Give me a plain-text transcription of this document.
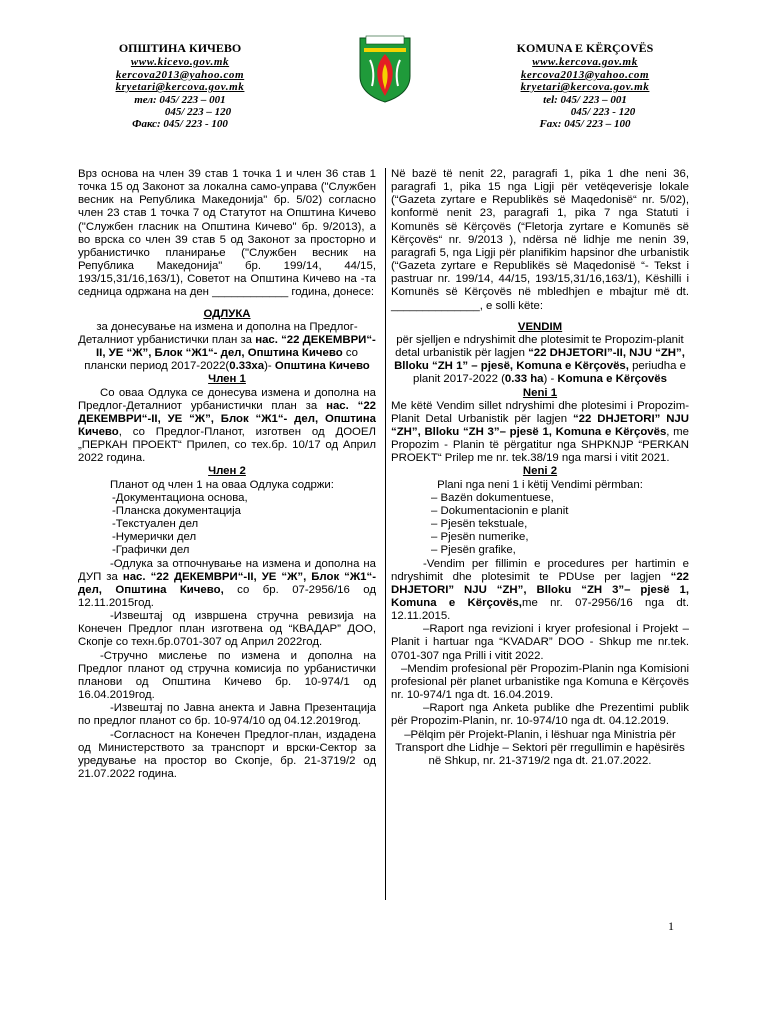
ОПШТИНА КИЧЕВО
www.kicevo.gov.mk
kercova2013@yahoo.com
kryetari@kercova.gov.mk
тел: 045/ 223 – 001
045/ 223 – 120
Факс: 045/ 223 - 100
KOMUNA E KËRÇOVËS
www.kercova.gov.mk
kercova2013@yahoo.com
kryetari@kercova.gov.mk
tel: 045/ 223 – 001
045/ 223 - 120
Fax: 045/ 223 – 100

Врз основа на член 39 став 1 точка 1 и член 36 став 1 точка 15 од Законот за локална само-управа ("Службен весник на Република Македонија" бр. 5/02) согласно член 23 став 1 точка 7 од Статутот на Општина Кичево ("Службен гласник на Општина Кичево" бр. 9/2013), а во врска со член 39 став 5 од Законот за просторно и урбанистичко планирање ("Службен весник на Република Македонија" бр. 199/14, 44/15, 193/15,31/16,163/1), Советот на Општина Кичево на -та седница одржана на ден ____________ година, донесе:

ОДЛУКА

за донесување на измена и дополна на Предлог-Деталниот урбанистички план за нас. “22 ДЕКЕМВРИ“-II, УЕ “Ж”, Блок “Ж1“- дел, Општина Кичево со плански период 2017-2022(0.33ха)- Општина Кичево

Член 1

Со оваа Одлука се донесува измена и дополна на Предлог-Деталниот урбанистички план за нас. “22 ДЕКЕМВРИ“-II, УЕ “Ж”, Блок “Ж1“- дел, Општина Кичево, со Предлог-Планот, изготвен од ДООЕЛ „ПЕРКАН ПРОЕКТ“ Прилеп, со тех.бр. 10/17 од Април 2022 година.

Член 2

Планот од член 1 на оваа Одлука содржи:

-Документациона основа,

-Планска документација

-Текстуален дел

-Нумерички дел

-Графички дел

-Одлука за отпочнување на измена и дополна на ДУП за нас. “22 ДЕКЕМВРИ“-II, УЕ “Ж”, Блок “Ж1“- дел, Општина Кичево, со бр. 07-2956/16 од 12.11.2015год.

-Извештај од извршена стручна ревизија на Конечен Предлог план изготвена од “КВАДАР” ДОО, Скопје со техн.бр.0701-307 од Април 2022год.

-Стручно мислење по измена и дополна на Предлог планот од стручна комисија по урбанистички планови од Општина Кичево бр. 10-974/1 од 16.04.2019год.

-Извештај по Јавна анекта и Јавна Презентација по предлог планот со бр. 10-974/10 од 04.12.2019год.

-Согласност на Конечен Предлог-план, издадена од Министерството за транспорт и врски-Сектор за уредување на простор во Скопје, бр. 21-3719/2 од 21.07.2022 година.

Në bazë të nenit 22, paragrafi 1, pika 1 dhe neni 36, paragrafi 1, pika 15 nga Ligji për vetëqeverisje lokale (“Gazeta zyrtare e Republikës së Maqedonisë“ nr. 5/02), konformë nenit 23, paragrafi 1, pika 7 nga Statuti i Komunës së Kërçovës (“Fletorja zyrtare e Komunës së Kërçovës“ nr. 9/2013 ), ndërsa në lidhje me nenin 39, paragrafi 5, nga Ligji për planifikim hapsinor dhe urbanistik (“Gazeta zyrtare e Republikës së Maqedonisë “- Tekst i pastruar nr. 199/14, 44/15, 193/15,31/16,163/1), Këshilli i Komunës së Kërçovës në mbledhjen e mbajtur më dt. ______________, e solli këte:

VENDIM

për sjelljen e ndryshimit dhe plotesimit te Propozim-planit detal urbanistik për lagjen “22 DHJETORI”-II, NJU “ZH”, Blloku “ZH 1” – pjesë, Komuna e Kërçovës, periudha e planit 2017-2022 (0.33 ha) - Komuna e Kërçovës

Neni 1

Me këtë Vendim sillet ndryshimi dhe plotesimi i Propozim-Planit Detal Urbanistik për lagjen “22 DHJETORI” NJU “ZH”, Blloku “ZH 3”– pjesë 1, Komuna e Kërçovës, me Propozim - Planin të përgatitur nga SHPKNJP “PERKAN PROEKT“ Prilep me nr. tek.38/19 nga marsi i vitit 2021.

Neni 2

Plani nga neni 1 i këtij Vendimi përmban:

– Bazën dokumentuese,

– Dokumentacionin e planit

– Pjesën tekstuale,

– Pjesën numerike,

– Pjesën grafike,

-Vendim per fillimin e procedures per hartimin e ndryshimit dhe plotesimit te PDUse per lagjen “22 DHJETORI” NJU “ZH”, Blloku “ZH 3”– pjesë 1, Komuna e Kërçovës,me nr. 07-2956/16 nga dt. 12.11.2015.

–Raport nga revizioni i kryer profesional i Projekt – Planit i hartuar nga “KVADAR” DOO - Shkup me nr.tek. 0701-307 nga Prilli i vitit 2022.

–Mendim profesional për Propozim-Planin nga Komisioni profesional për planet urbanistike nga Komuna e Kërçovës nr. 10-974/1 nga dt. 16.04.2019.

–Raport nga Anketa publike dhe Prezentimi publik për Propozim-Planin, nr. 10-974/10 nga dt. 04.12.2019.

–Pëlqim për Projekt-Planin, i lëshuar nga Ministria për Transport dhe Lidhje – Sektori për rregullimin e hapësirës në Shkup, nr. 21-3719/2 nga dt. 21.07.2022.

1
